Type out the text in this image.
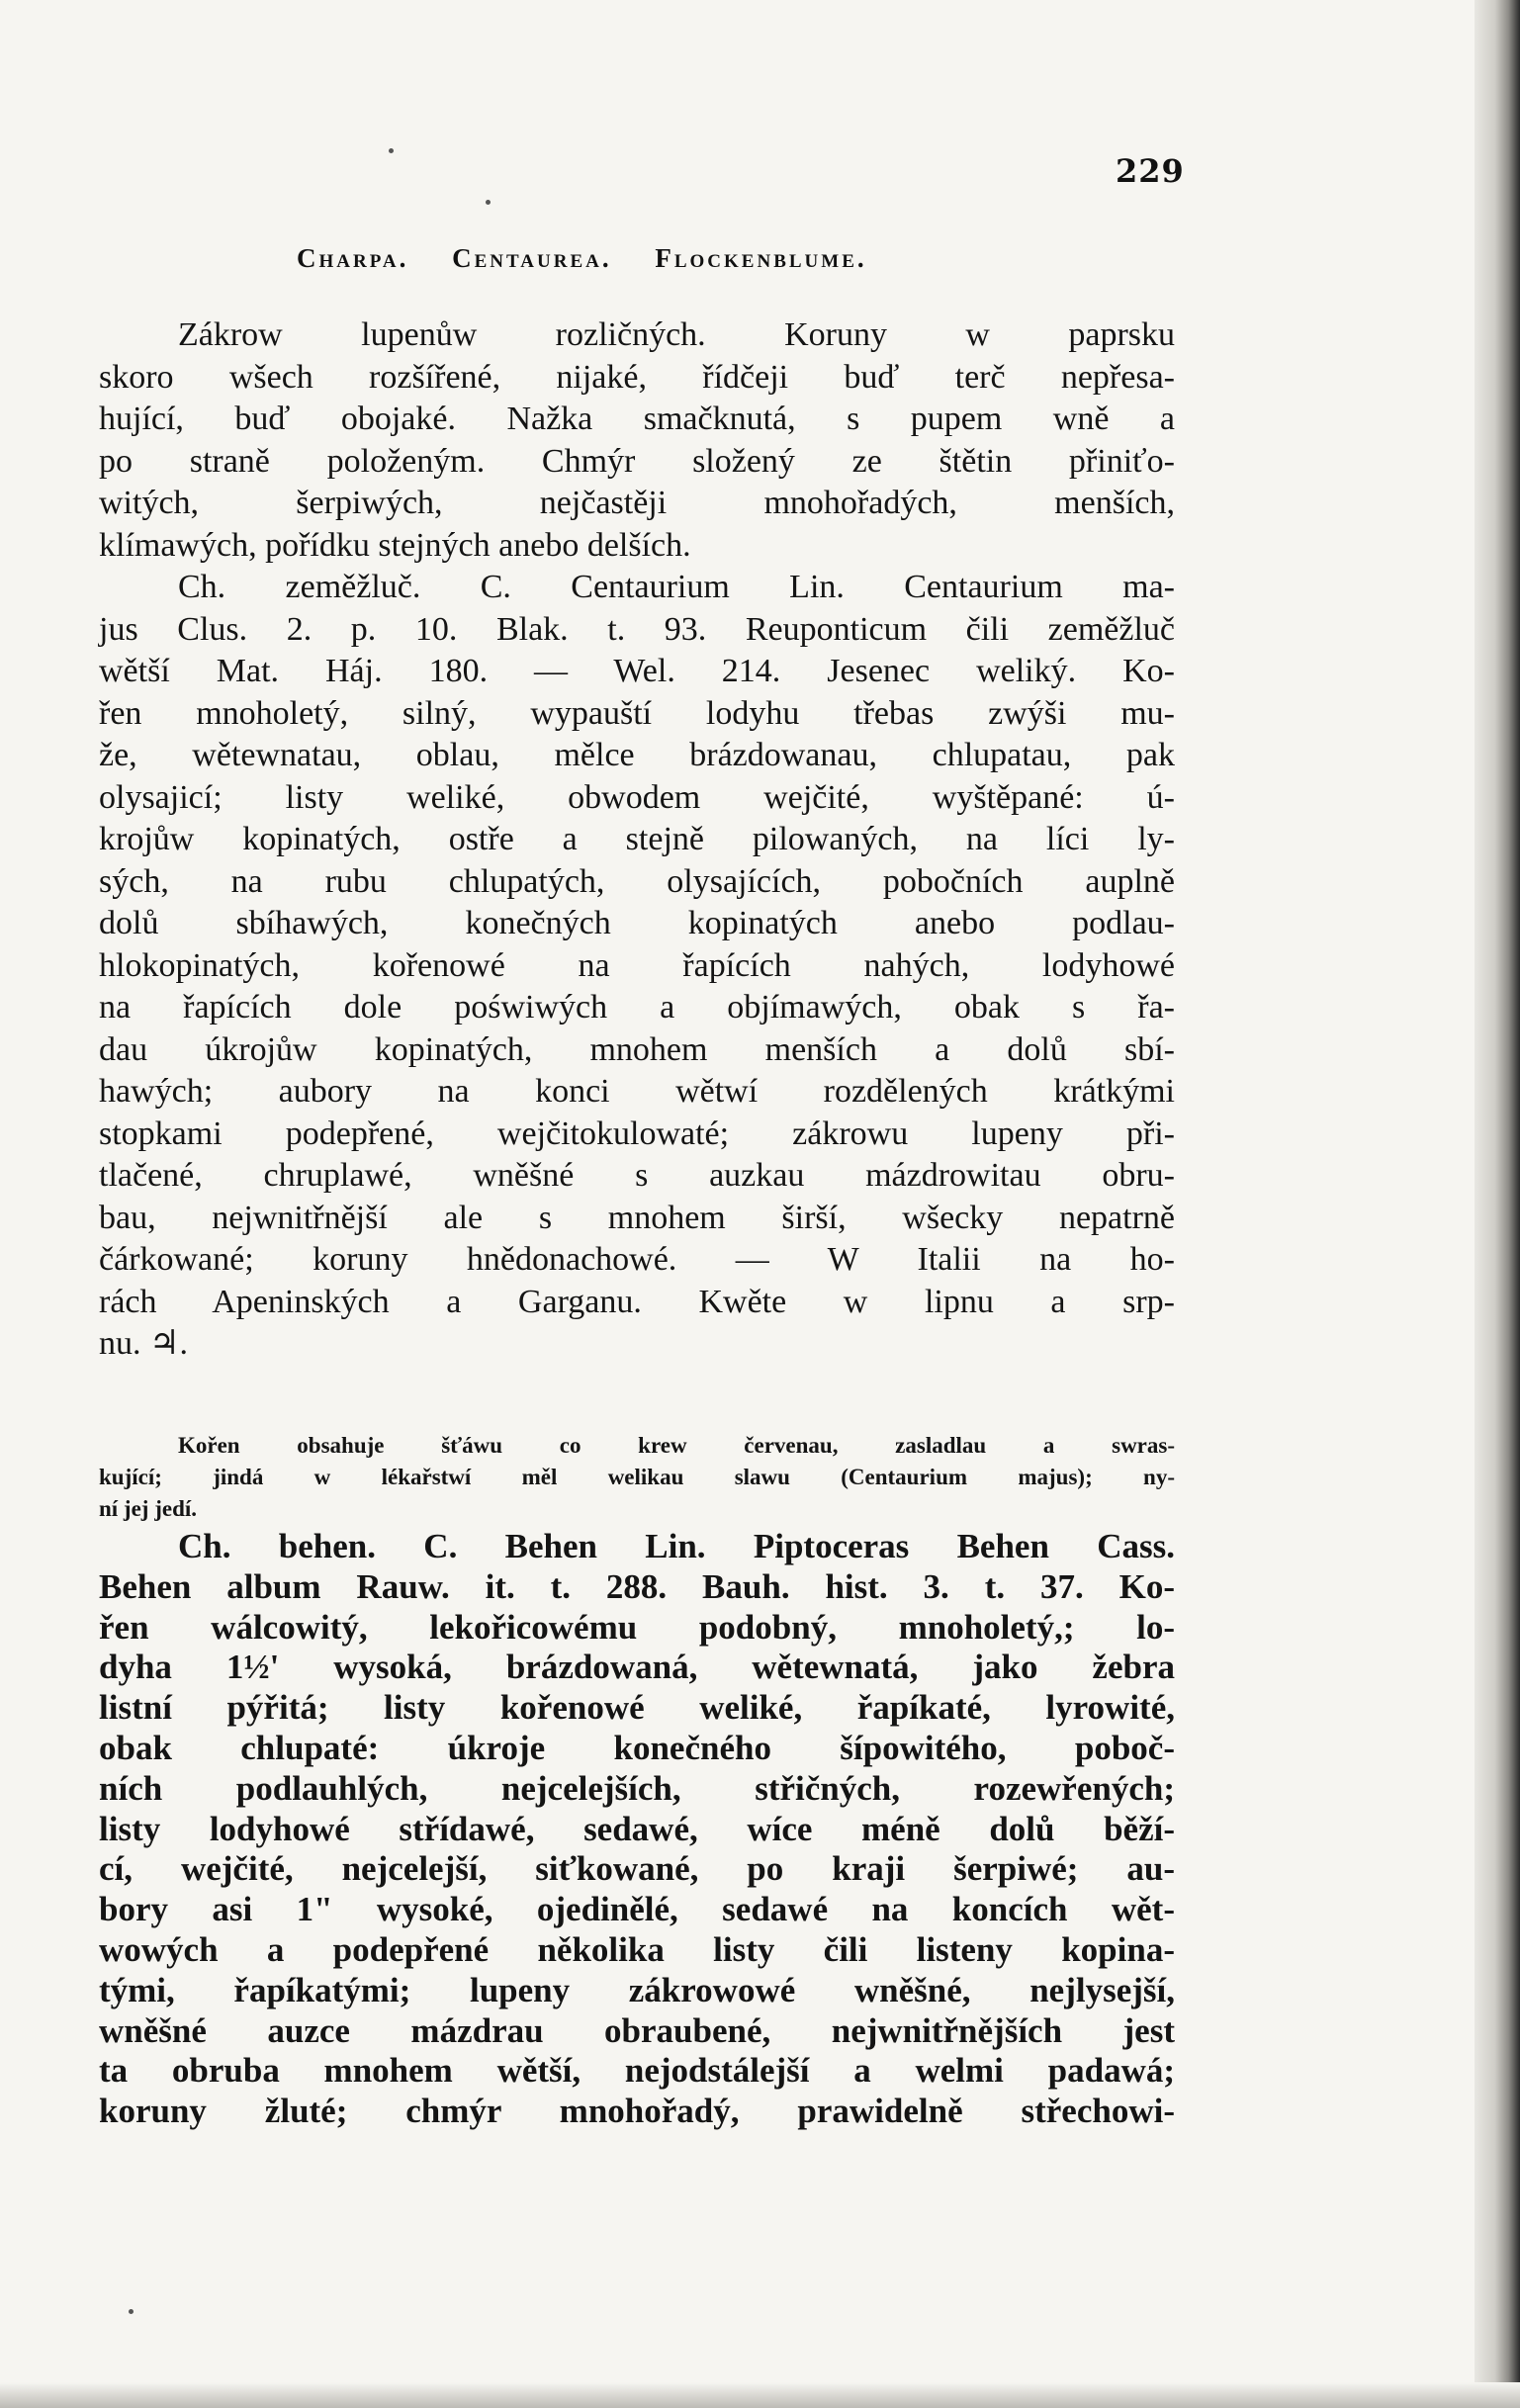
229
Charpa. Centaurea. Flockenblume.
Zákrow lupenůw rozličných. Koruny w paprsku
skoro wšech rozšířené, nijaké, řídčeji buď terč nepřesa-
hující, buď obojaké. Nažka smačknutá, s pupem wně a
po straně položeným. Chmýr složený ze štětin přiniťo-
witých, šerpiwých, nejčastěji mnohořadých, menších,
klímawých, pořídku stejných anebo delších.
Ch. zeměžluč. C. Centaurium Lin. Centaurium ma-
jus Clus. 2. p. 10. Blak. t. 93. Reuponticum čili zeměžluč
wětší Mat. Háj. 180. — Wel. 214. Jesenec weliký. Ko-
řen mnoholetý, silný, wypauští lodyhu třebas zwýši mu-
že, wětewnatau, oblau, mělce brázdowanau, chlupatau, pak
olysajicí; listy weliké, obwodem wejčité, wyštěpané: ú-
krojůw kopinatých, ostře a stejně pilowaných, na líci ly-
sých, na rubu chlupatých, olysajících, pobočních auplně
dolů sbíhawých, konečných kopinatých anebo podlau-
hlokopinatých, kořenowé na řapících nahých, lodyhowé
na řapících dole poświwých a objímawých, obak s řa-
dau úkrojůw kopinatých, mnohem menších a dolů sbí-
hawých; aubory na konci wětwí rozdělených krátkými
stopkami podepřené, wejčitokulowaté; zákrowu lupeny při-
tlačené, chruplawé, wněšné s auzkau mázdrowitau obru-
bau, nejwnitřnější ale s mnohem širší, wšecky nepatrně
čárkowané; koruny hnědonachowé. — W Italii na ho-
rách Apeninských a Garganu. Kwěte w lipnu a srp-
nu. ♃.
Kořen obsahuje šťáwu co krew červenau, zasladlau a swras-
kující; jindá w lékařstwí měl welikau slawu (Centaurium majus); ny-
ní jej jedí.
Ch. behen. C. Behen Lin. Piptoceras Behen Cass.
Behen album Rauw. it. t. 288. Bauh. hist. 3. t. 37. Ko-
řen wálcowitý, lekořicowému podobný, mnoholetý,; lo-
dyha 1½' wysoká, brázdowaná, wětewnatá, jako žebra
listní pýřitá; listy kořenowé weliké, řapíkaté, lyrowité,
obak chlupaté: úkroje konečného šípowitého, poboč-
ních podlauhlých, nejcelejších, střičných, rozewřených;
listy lodyhowé střídawé, sedawé, wíce méně dolů běží-
cí, wejčité, nejcelejší, siťkowané, po kraji šerpiwé; au-
bory asi 1" wysoké, ojedinělé, sedawé na koncích wět-
wowých a podepřené několika listy čili listeny kopina-
tými, řapíkatými; lupeny zákrowowé wněšné, nejlysejší,
wněšné auzce mázdrau obraubené, nejwnitřnějších jest
ta obruba mnohem wětší, nejodstálejší a welmi padawá;
koruny žluté; chmýr mnohořadý, prawidelně střechowi-
